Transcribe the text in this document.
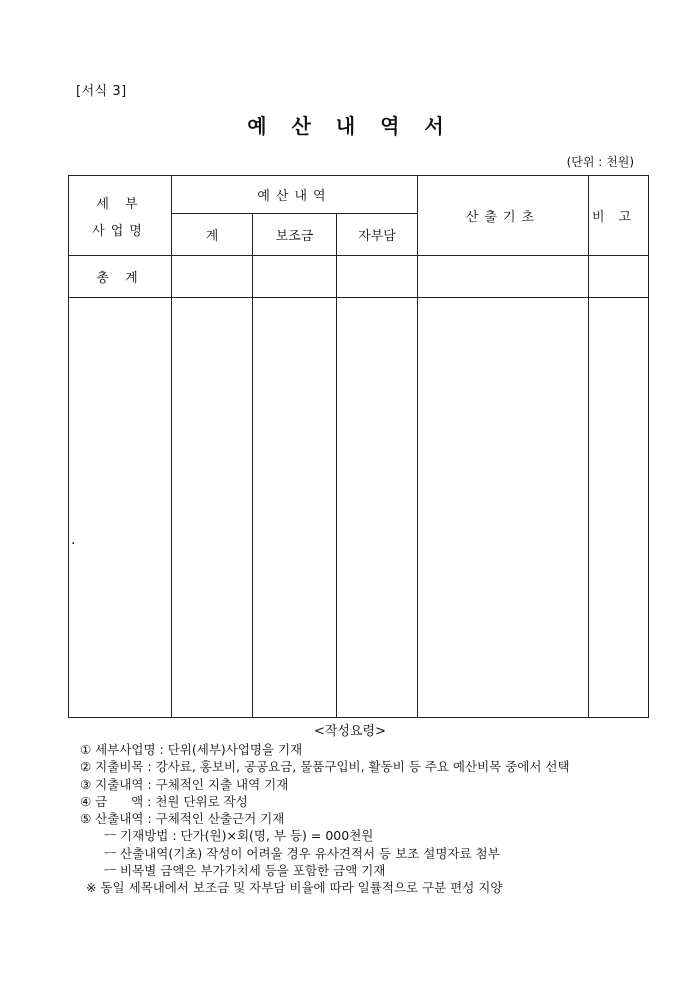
[서식 3]
예 산 내 역 서
(단위 : 천원)
세 부
사업명	예산내역			산출기초	비고
	계	보조금	자부담		
총 계					

.
<작성요령>
① 세부사업명 : 단위(세부)사업명을 기재
② 지출비목 : 강사료, 홍보비, 공공요금, 물품구입비, 활동비 등 주요 예산비목 중에서 선택
③ 지출내역 : 구체적인 지출 내역 기재
④ 금      액 : 천원 단위로 작성
⑤ 산출내역 : 구체적인 산출근거 기재
ㅡ 기재방법 : 단가(원)×회(명, 부 등) = 000천원
ㅡ 산출내역(기초) 작성이 어려울 경우 유사견적서 등 보조 설명자료 첨부
ㅡ 비목별 금액은 부가가치세 등을 포함한 금액 기재
※ 동일 세목내에서 보조금 및 자부담 비율에 따라 일률적으로 구분 편성 지양
